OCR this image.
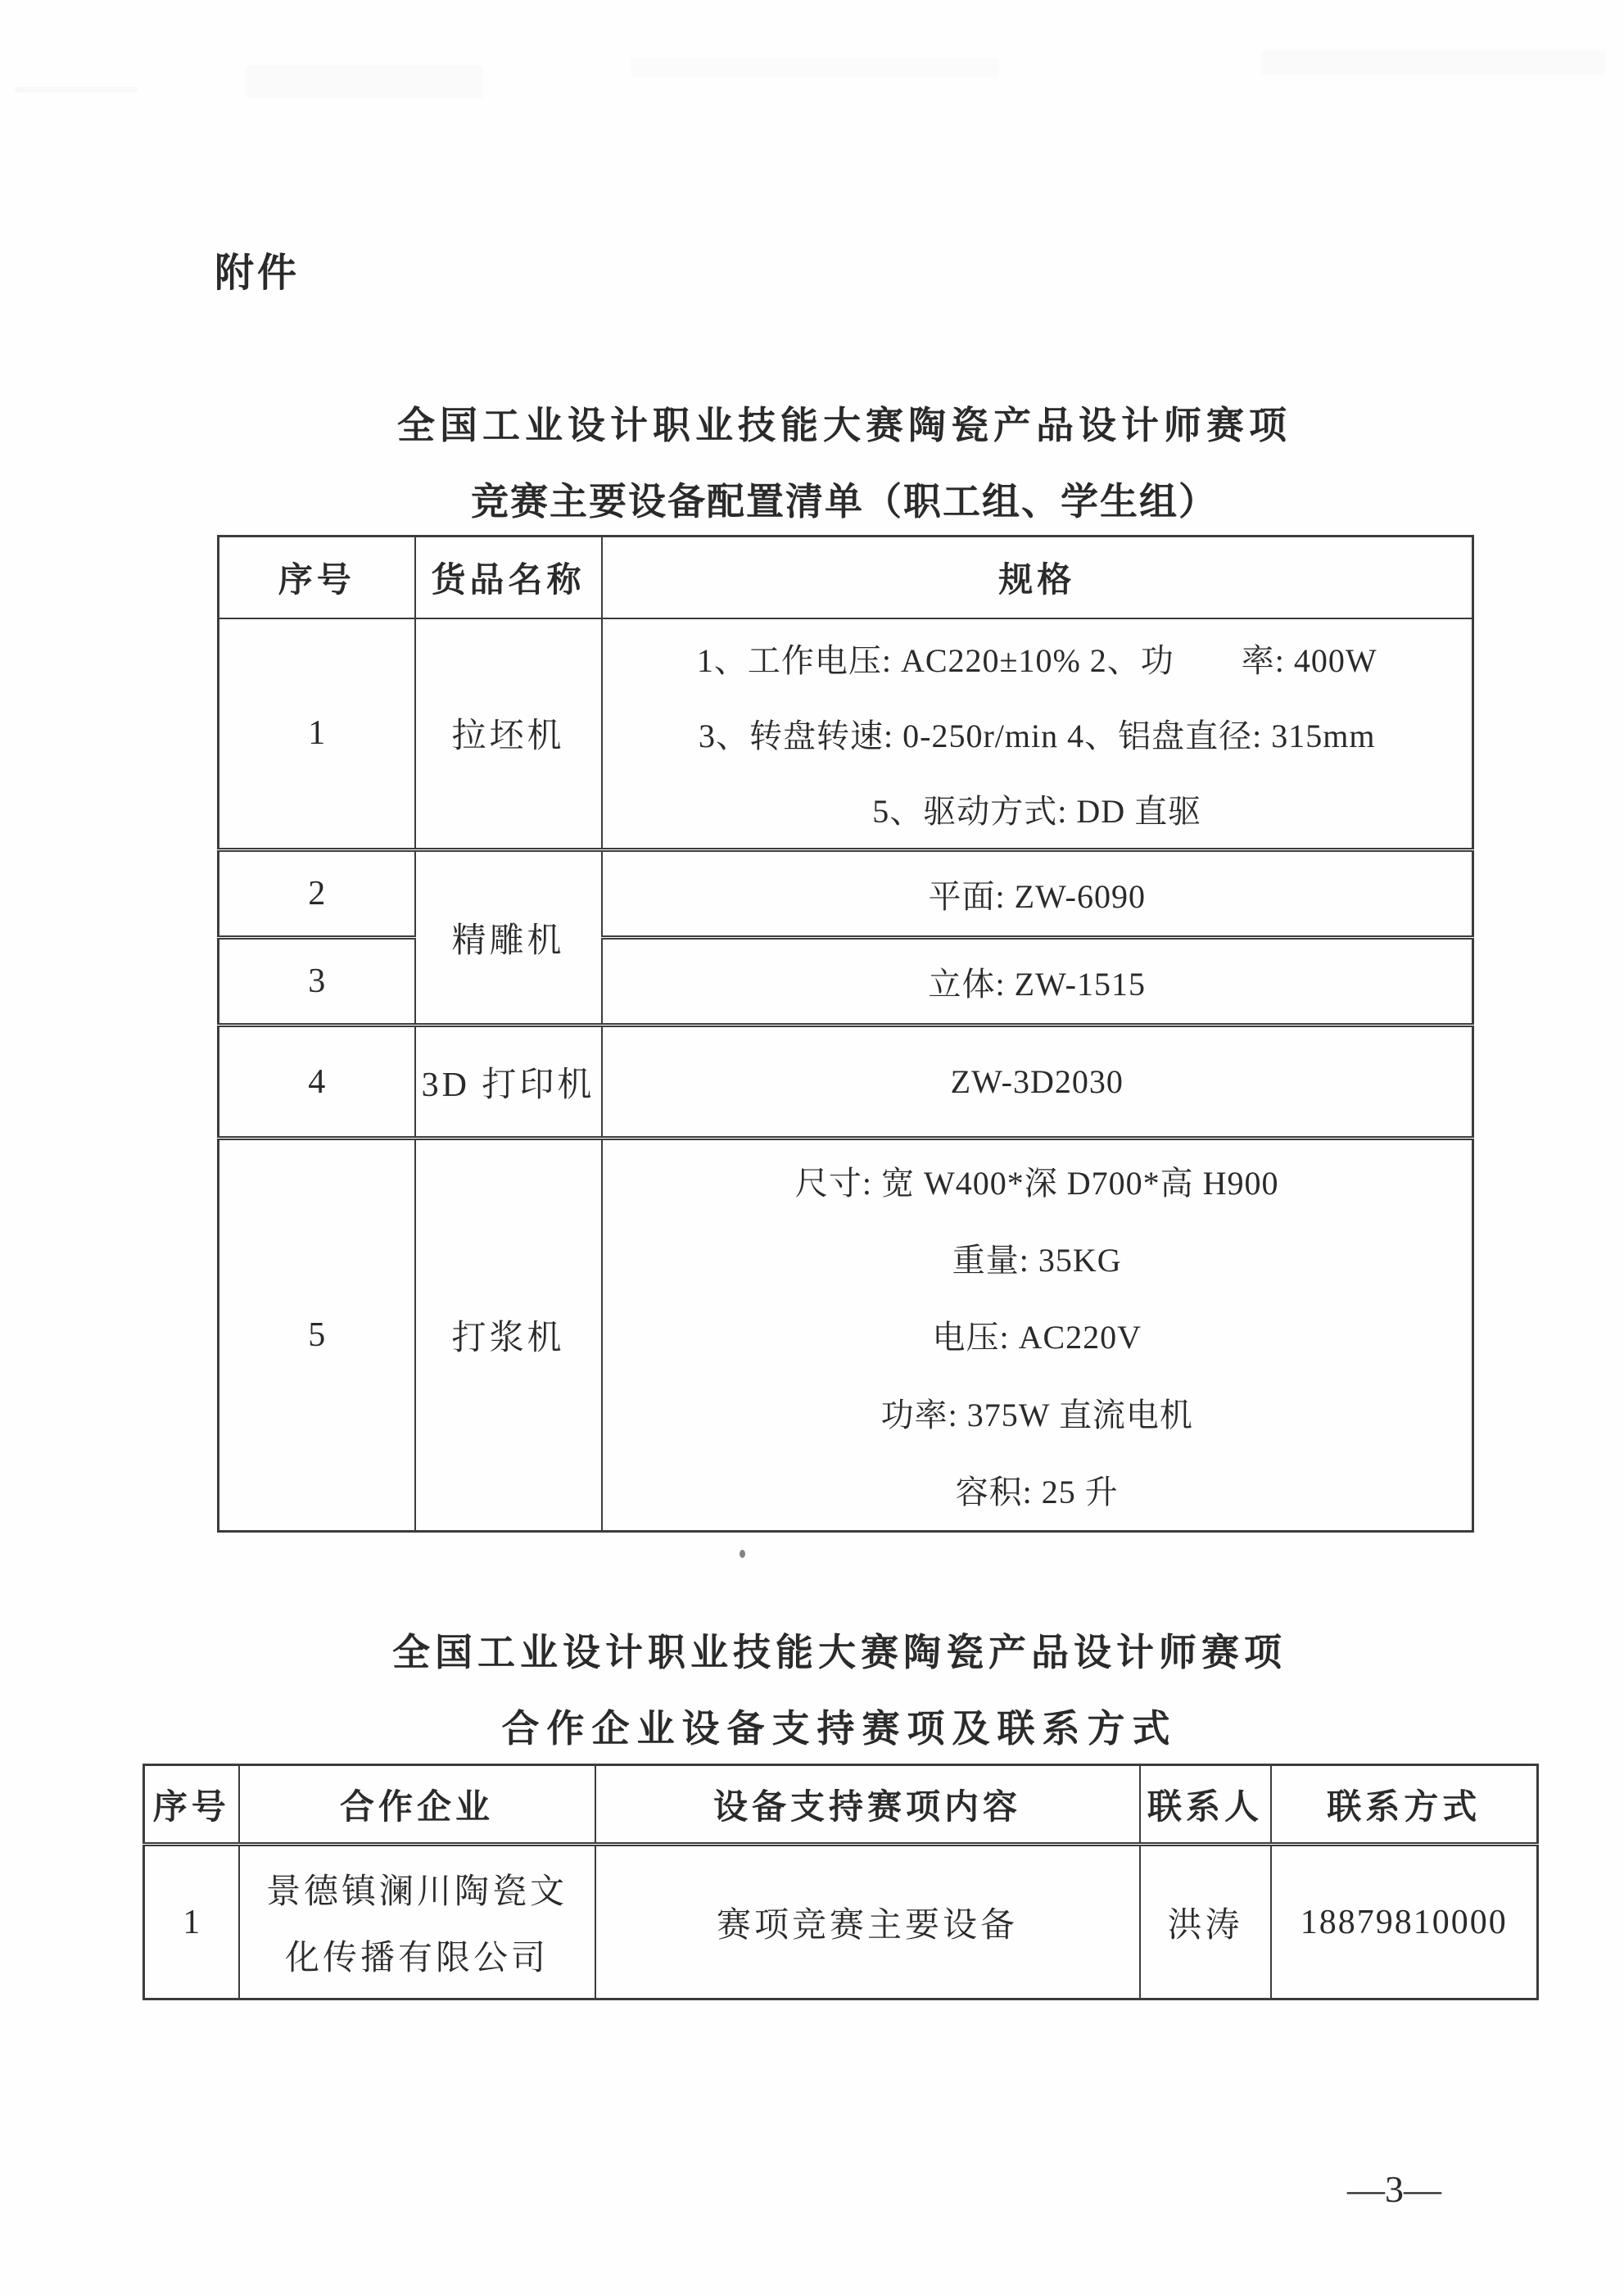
附件
全国工业设计职业技能大赛陶瓷产品设计师赛项
竞赛主要设备配置清单（职工组、学生组）
序号	货品名称	规格
1	拉坯机	1、工作电压: AC220±10% 2、功　　率: 400W
3、转盘转速: 0-250r/min 4、铝盘直径: 315mm
5、驱动方式: DD 直驱

2	精雕机	平面: ZW-6090
3		立体: ZW-1515
4	3D 打印机	ZW-3D2030
5	打浆机	尺寸: 宽 W400*深 D700*高 H900
重量: 35KG
电压: AC220V
功率: 375W 直流电机
容积: 25 升
全国工业设计职业技能大赛陶瓷产品设计师赛项
合作企业设备支持赛项及联系方式
序号	合作企业	设备支持赛项内容	联系人	联系方式
1	景德镇澜川陶瓷文
化传播有限公司	赛项竞赛主要设备	洪涛	18879810000
—3—
